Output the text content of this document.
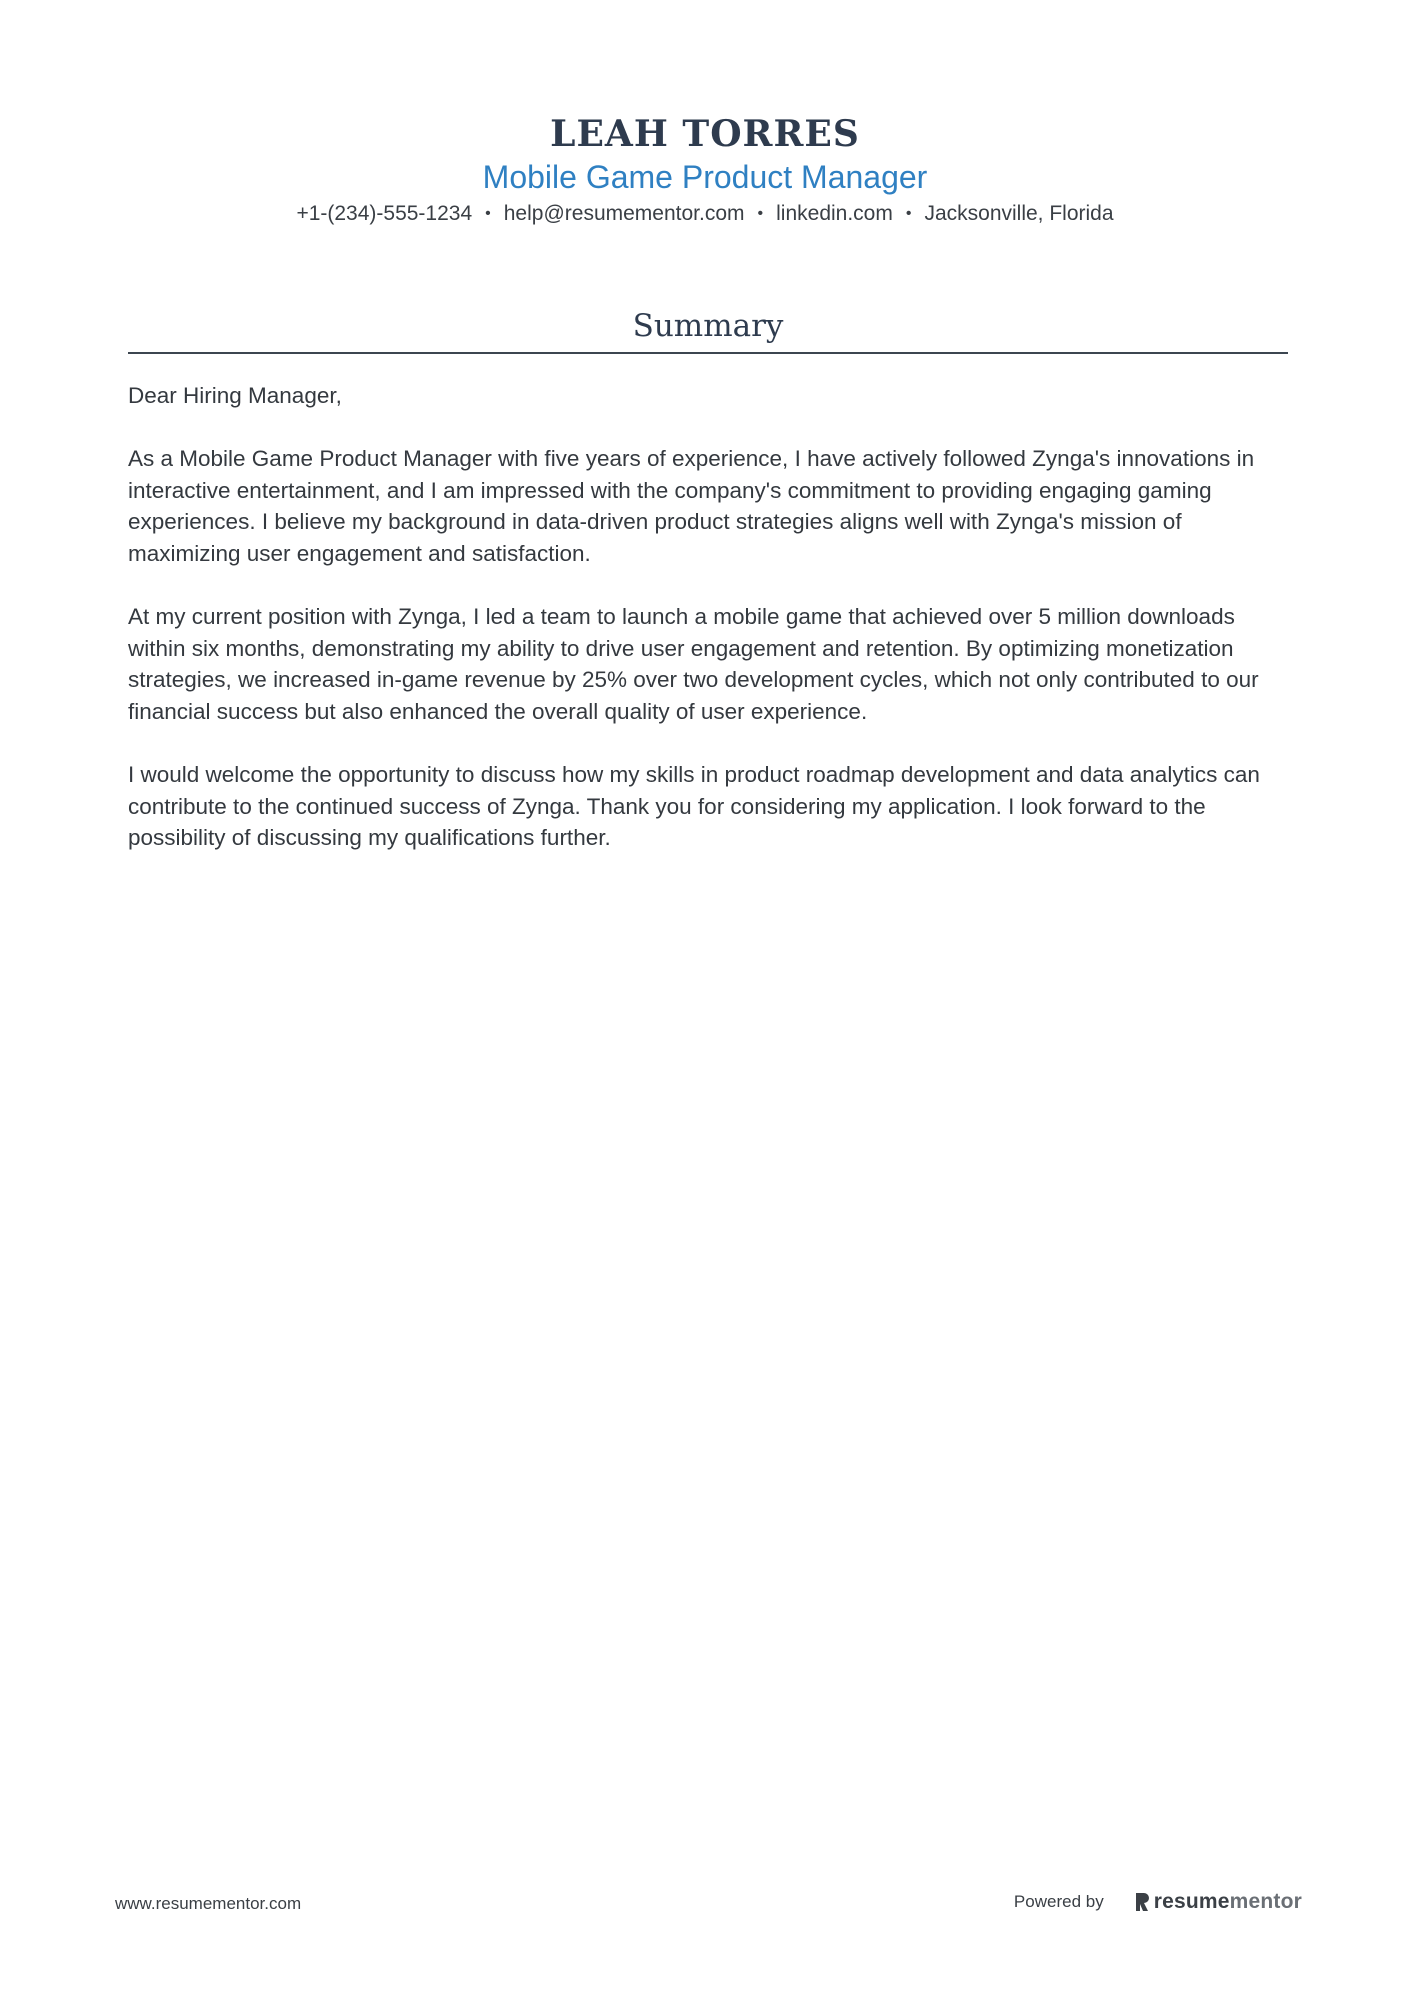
LEAH TORRES
Mobile Game Product Manager
+1-(234)-555-1234 • help@resumementor.com • linkedin.com • Jacksonville, Florida
Summary

Dear Hiring Manager,

As a Mobile Game Product Manager with five years of experience, I have actively followed Zynga's innovations in interactive entertainment, and I am impressed with the company's commitment to providing engaging gaming experiences. I believe my background in data-driven product strategies aligns well with Zynga's mission of maximizing user engagement and satisfaction.

At my current position with Zynga, I led a team to launch a mobile game that achieved over 5 million downloads within six months, demonstrating my ability to drive user engagement and retention. By optimizing monetization strategies, we increased in-game revenue by 25% over two development cycles, which not only contributed to our financial success but also enhanced the overall quality of user experience.

I would welcome the opportunity to discuss how my skills in product roadmap development and data analytics can contribute to the continued success of Zynga. Thank you for considering my application. I look forward to the possibility of discussing my qualifications further.

www.resumementor.com	Powered by resume mentor
